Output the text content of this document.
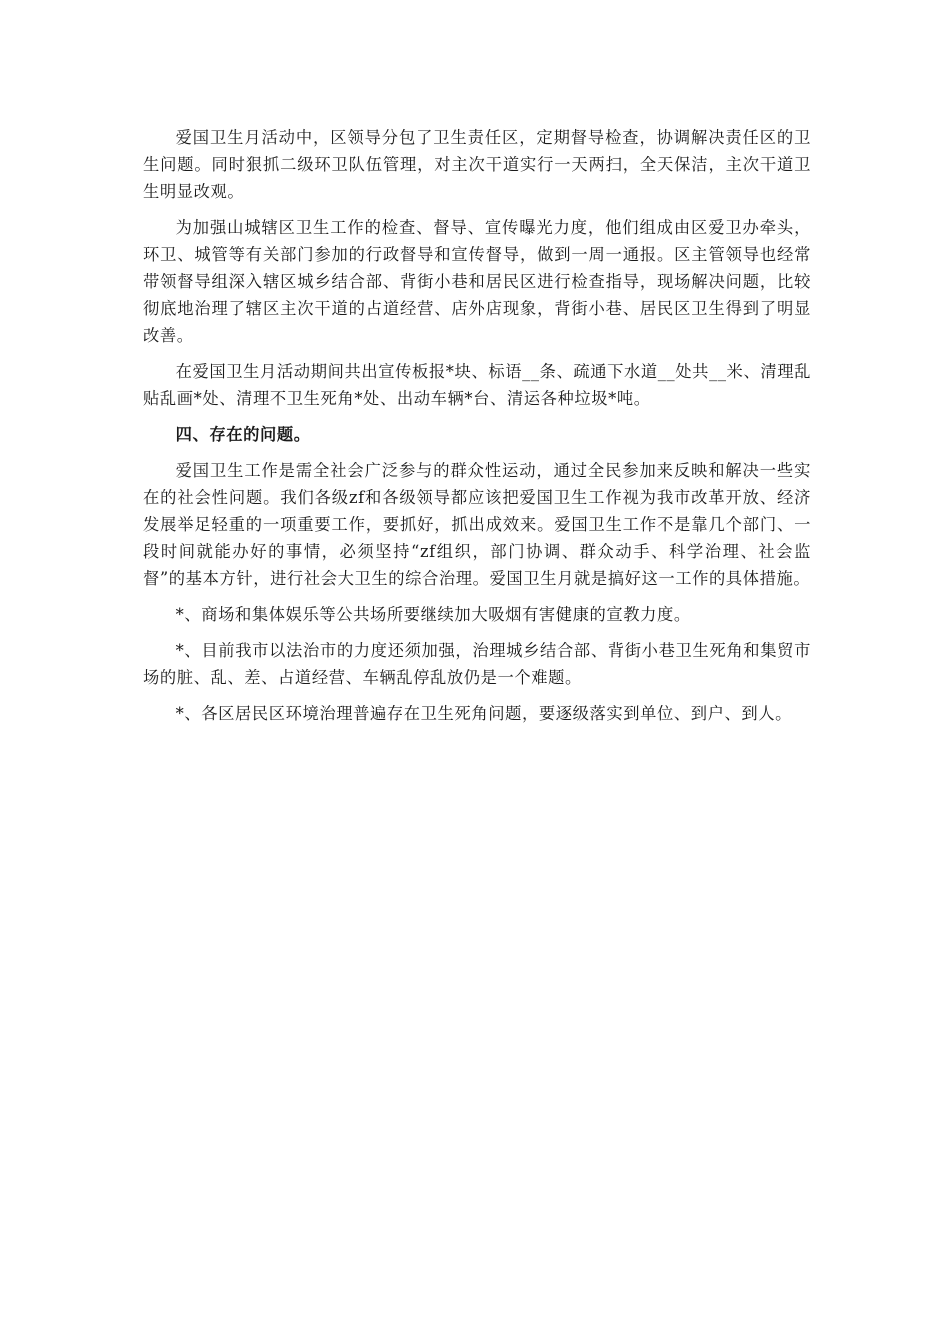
爱国卫生月活动中，区领导分包了卫生责任区，定期督导检查，协调解决责任区的卫生问题。同时狠抓二级环卫队伍管理，对主次干道实行一天两扫，全天保洁，主次干道卫生明显改观。

为加强山城辖区卫生工作的检查、督导、宣传曝光力度，他们组成由区爱卫办牵头，环卫、城管等有关部门参加的行政督导和宣传督导，做到一周一通报。区主管领导也经常带领督导组深入辖区城乡结合部、背街小巷和居民区进行检查指导，现场解决问题，比较彻底地治理了辖区主次干道的占道经营、店外店现象，背街小巷、居民区卫生得到了明显改善。

在爱国卫生月活动期间共出宣传板报*块、标语__条、疏通下水道__处共__米、清理乱贴乱画*处、清理不卫生死角*处、出动车辆*台、清运各种垃圾*吨。

四、存在的问题。

爱国卫生工作是需全社会广泛参与的群众性运动，通过全民参加来反映和解决一些实在的社会性问题。我们各级zf和各级领导都应该把爱国卫生工作视为我市改革开放、经济发展举足轻重的一项重要工作，要抓好，抓出成效来。爱国卫生工作不是靠几个部门、一段时间就能办好的事情，必须坚持“zf组织，部门协调、群众动手、科学治理、社会监督”的基本方针，进行社会大卫生的综合治理。爱国卫生月就是搞好这一工作的具体措施。

*、商场和集体娱乐等公共场所要继续加大吸烟有害健康的宣教力度。

*、目前我市以法治市的力度还须加强，治理城乡结合部、背街小巷卫生死角和集贸市场的脏、乱、差、占道经营、车辆乱停乱放仍是一个难题。

*、各区居民区环境治理普遍存在卫生死角问题，要逐级落实到单位、到户、到人。
